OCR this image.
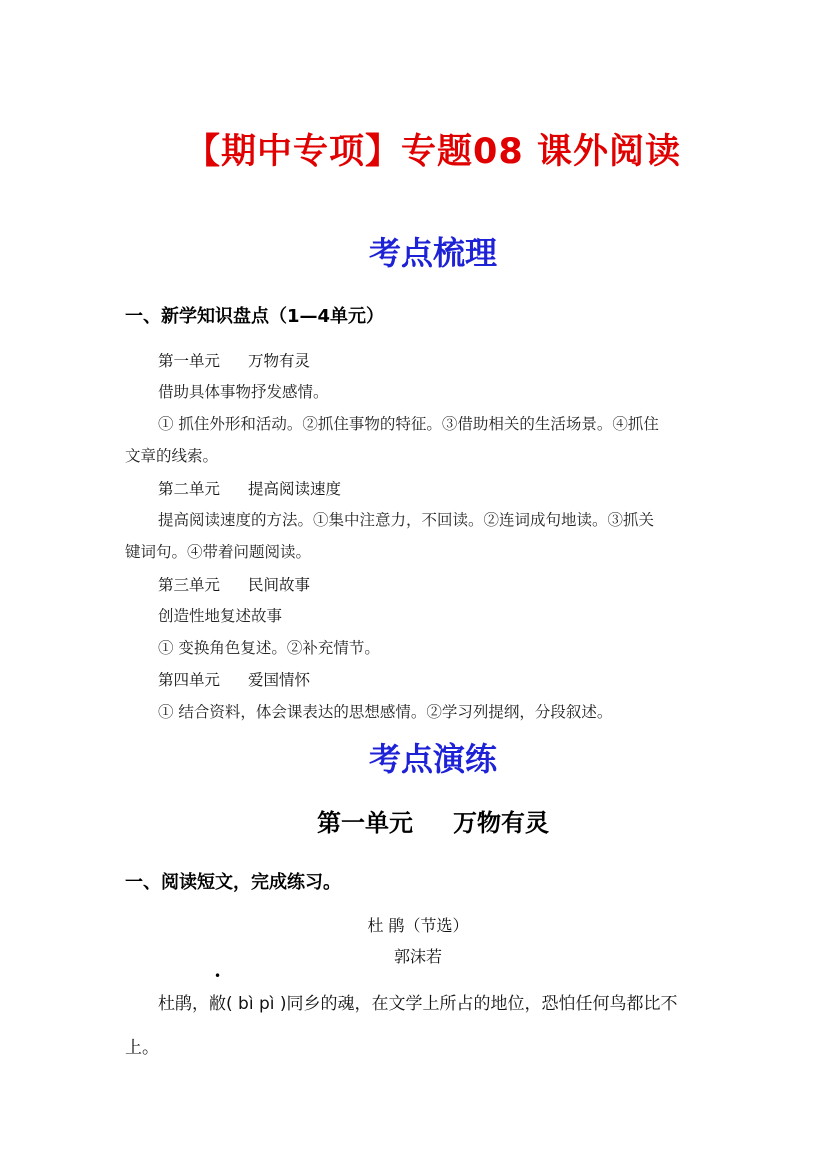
【期中专项】专题08 课外阅读
考点梳理
一、新学知识盘点（1—4单元）
第一单元 万物有灵
借助具体事物抒发感情。
① 抓住外形和活动。②抓住事物的特征。③借助相关的生活场景。④抓住
文章的线索。
第二单元 提高阅读速度
提高阅读速度的方法。①集中注意力，不回读。②连词成句地读。③抓关
键词句。④带着问题阅读。
第三单元 民间故事
创造性地复述故事
① 变换角色复述。②补充情节。
第四单元 爱国情怀
① 结合资料，体会课表达的思想感情。②学习列提纲，分段叙述。
考点演练
第一单元 万物有灵
一、阅读短文，完成练习。
杜 鹃（节选）
郭沫若
杜鹃，敝( bì pì )同乡的魂，在文学上所占的地位，恐怕任何鸟都比不
上。
